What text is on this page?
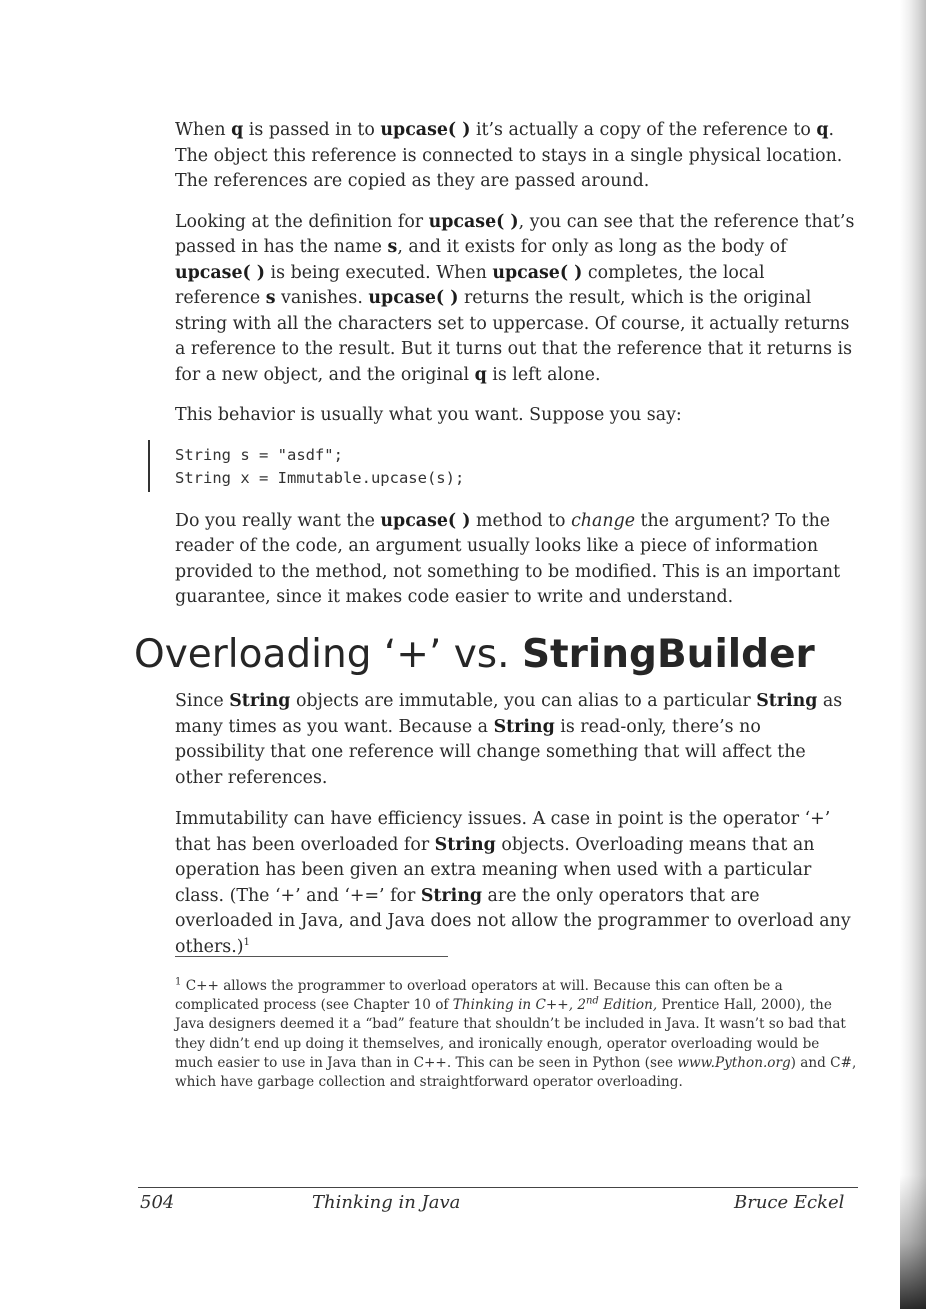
When q is passed in to upcase( ) it’s actually a copy of the reference to q. The object this reference is connected to stays in a single physical location. The references are copied as they are passed around.

Looking at the definition for upcase( ), you can see that the reference that’s passed in has the name s, and it exists for only as long as the body of upcase( ) is being executed. When upcase( ) completes, the local reference s vanishes. upcase( ) returns the result, which is the original string with all the characters set to uppercase. Of course, it actually returns a reference to the result. But it turns out that the reference that it returns is for a new object, and the original q is left alone.

This behavior is usually what you want. Suppose you say:

String s = "asdf";
String x = Immutable.upcase(s);

Do you really want the upcase( ) method to change the argument? To the reader of the code, an argument usually looks like a piece of information provided to the method, not something to be modified. This is an important guarantee, since it makes code easier to write and understand.

Overloading ‘+’ vs. StringBuilder

Since String objects are immutable, you can alias to a particular String as many times as you want. Because a String is read-only, there’s no possibility that one reference will change something that will affect the other references.

Immutability can have efficiency issues. A case in point is the operator ‘+’ that has been overloaded for String objects. Overloading means that an operation has been given an extra meaning when used with a particular class. (The ‘+’ and ‘+=’ for String are the only operators that are overloaded in Java, and Java does not allow the programmer to overload any others.)$^1$

$^1$ C++ allows the programmer to overload operators at will. Because this can often be a complicated process (see Chapter 10 of Thinking in C++, 2nd Edition, Prentice Hall, 2000), the Java designers deemed it a “bad” feature that shouldn’t be included in Java. It wasn’t so bad that they didn’t end up doing it themselves, and ironically enough, operator overloading would be much easier to use in Java than in C++. This can be seen in Python (see www.Python.org) and C#, which have garbage collection and straightforward operator overloading.
504	Thinking in Java	Bruce Eckel
